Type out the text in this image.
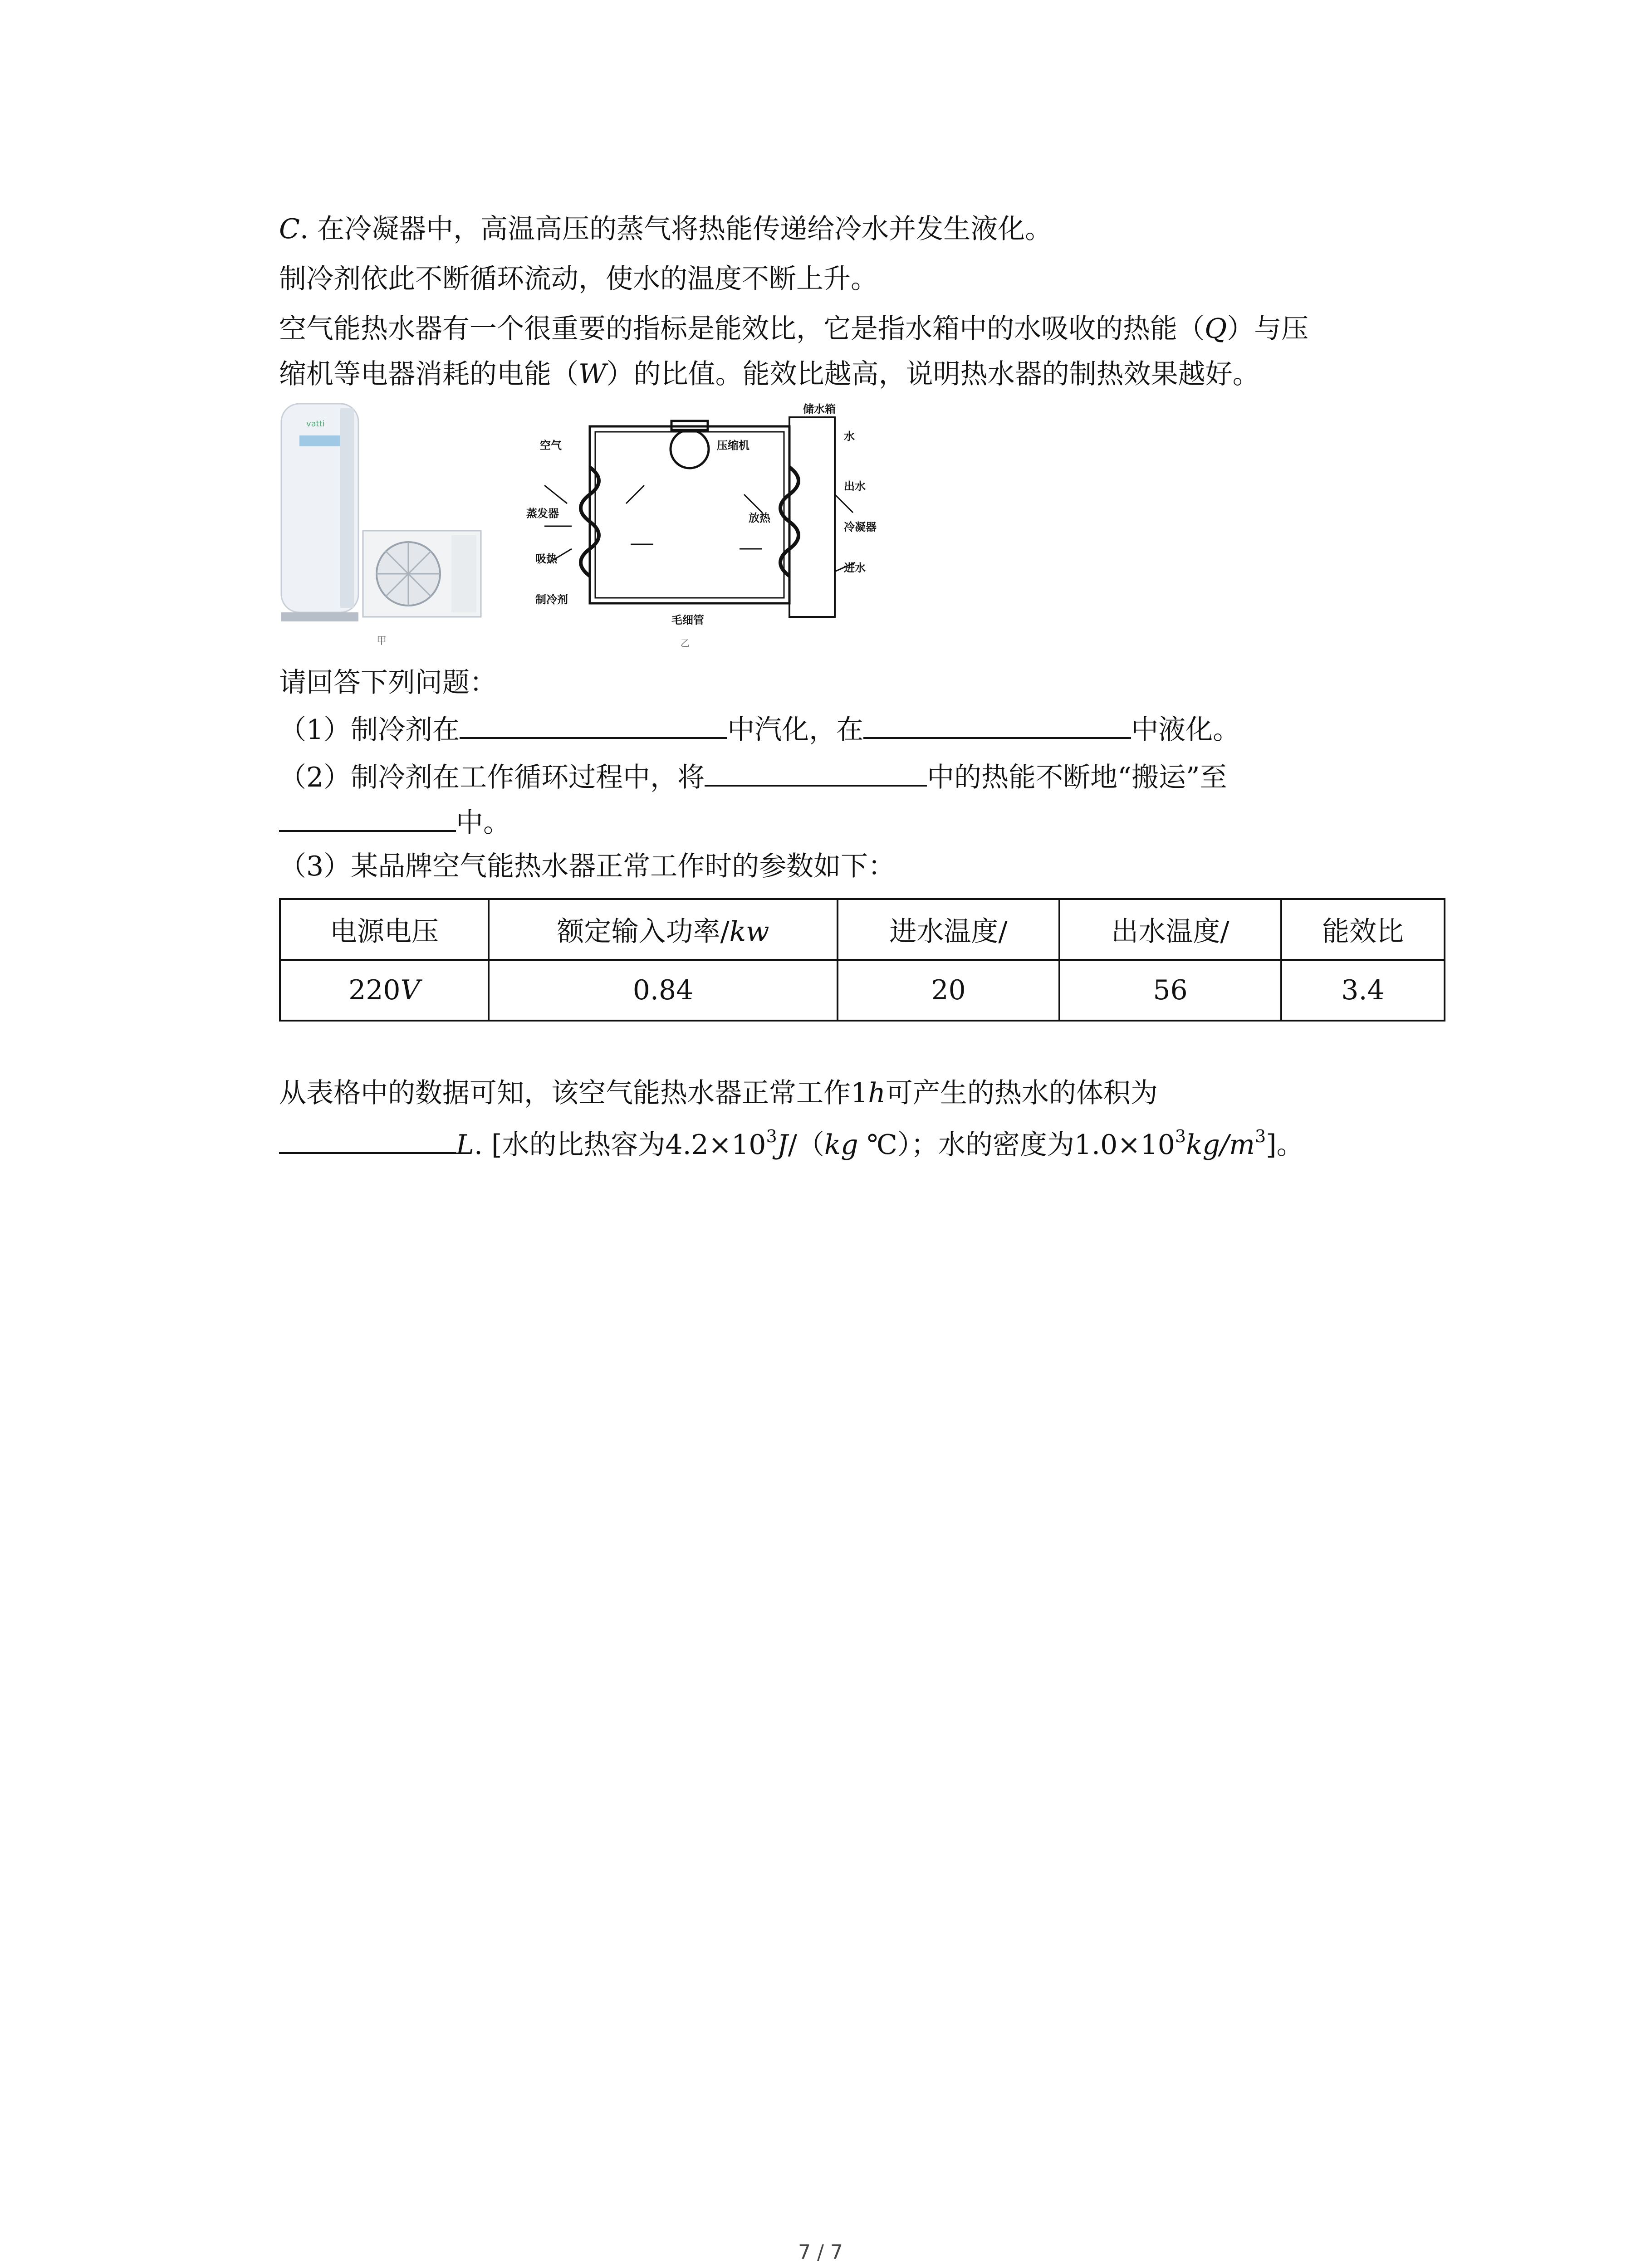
C. 在冷凝器中，高温高压的蒸气将热能传递给冷水并发生液化。
制冷剂依此不断循环流动，使水的温度不断上升。
空气能热水器有一个很重要的指标是能效比，它是指水箱中的水吸收的热能（Q）与压
缩机等电器消耗的电能（W）的比值。能效比越高，说明热水器的制热效果越好。
vatti
甲
空气	压缩机
储水箱
水
出水
冷凝器
进水
蒸发器
吸热
放热
制冷剂
毛细管
乙
请回答下列问题：
（1）制冷剂在	中汽化，在	中液化。
（2）制冷剂在工作循环过程中，将	中的热能不断地“搬运”至
中。
（3）某品牌空气能热水器正常工作时的参数如下：
电源电压	额定输入功率/kw	进水温度/	出水温度/	能效比
220V	0.84	20	56	3.4
从表格中的数据可知，该空气能热水器正常工作1h可产生的热水的体积为
L. [水的比热容为$4.2\times 10^3J/(kg$ ℃）；水的密度为$1.0\times 10^3kg/m^3$]。
7 / 7
